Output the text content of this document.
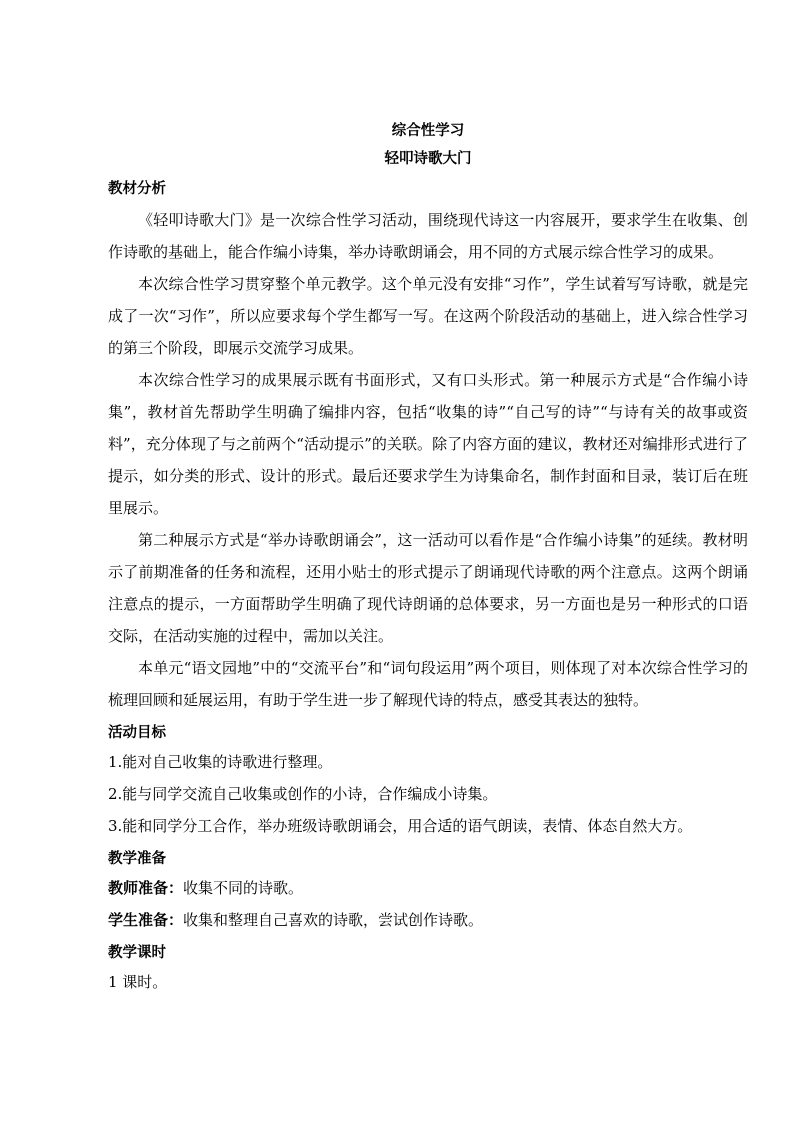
综合性学习
轻叩诗歌大门
教材分析

《轻叩诗歌大门》是一次综合性学习活动，围绕现代诗这一内容展开，要求学生在收集、创作诗歌的基础上，能合作编小诗集，举办诗歌朗诵会，用不同的方式展示综合性学习的成果。

本次综合性学习贯穿整个单元教学。这个单元没有安排“习作”，学生试着写写诗歌，就是完成了一次“习作”，所以应要求每个学生都写一写。在这两个阶段活动的基础上，进入综合性学习的第三个阶段，即展示交流学习成果。

本次综合性学习的成果展示既有书面形式，又有口头形式。第一种展示方式是“合作编小诗集”，教材首先帮助学生明确了编排内容，包括“收集的诗”“自己写的诗”“与诗有关的故事或资料”，充分体现了与之前两个“活动提示”的关联。除了内容方面的建议，教材还对编排形式进行了提示，如分类的形式、设计的形式。最后还要求学生为诗集命名，制作封面和目录，装订后在班里展示。

第二种展示方式是“举办诗歌朗诵会”，这一活动可以看作是“合作编小诗集”的延续。教材明示了前期准备的任务和流程，还用小贴士的形式提示了朗诵现代诗歌的两个注意点。这两个朗诵注意点的提示，一方面帮助学生明确了现代诗朗诵的总体要求，另一方面也是另一种形式的口语交际，在活动实施的过程中，需加以关注。

本单元“语文园地”中的“交流平台”和“词句段运用”两个项目，则体现了对本次综合性学习的梳理回顾和延展运用，有助于学生进一步了解现代诗的特点，感受其表达的独特。

活动目标

1.能对自己收集的诗歌进行整理。

2.能与同学交流自己收集或创作的小诗，合作编成小诗集。

3.能和同学分工合作，举办班级诗歌朗诵会，用合适的语气朗读，表情、体态自然大方。

教学准备

教师准备：收集不同的诗歌。

学生准备：收集和整理自己喜欢的诗歌，尝试创作诗歌。

教学课时

1 课时。
